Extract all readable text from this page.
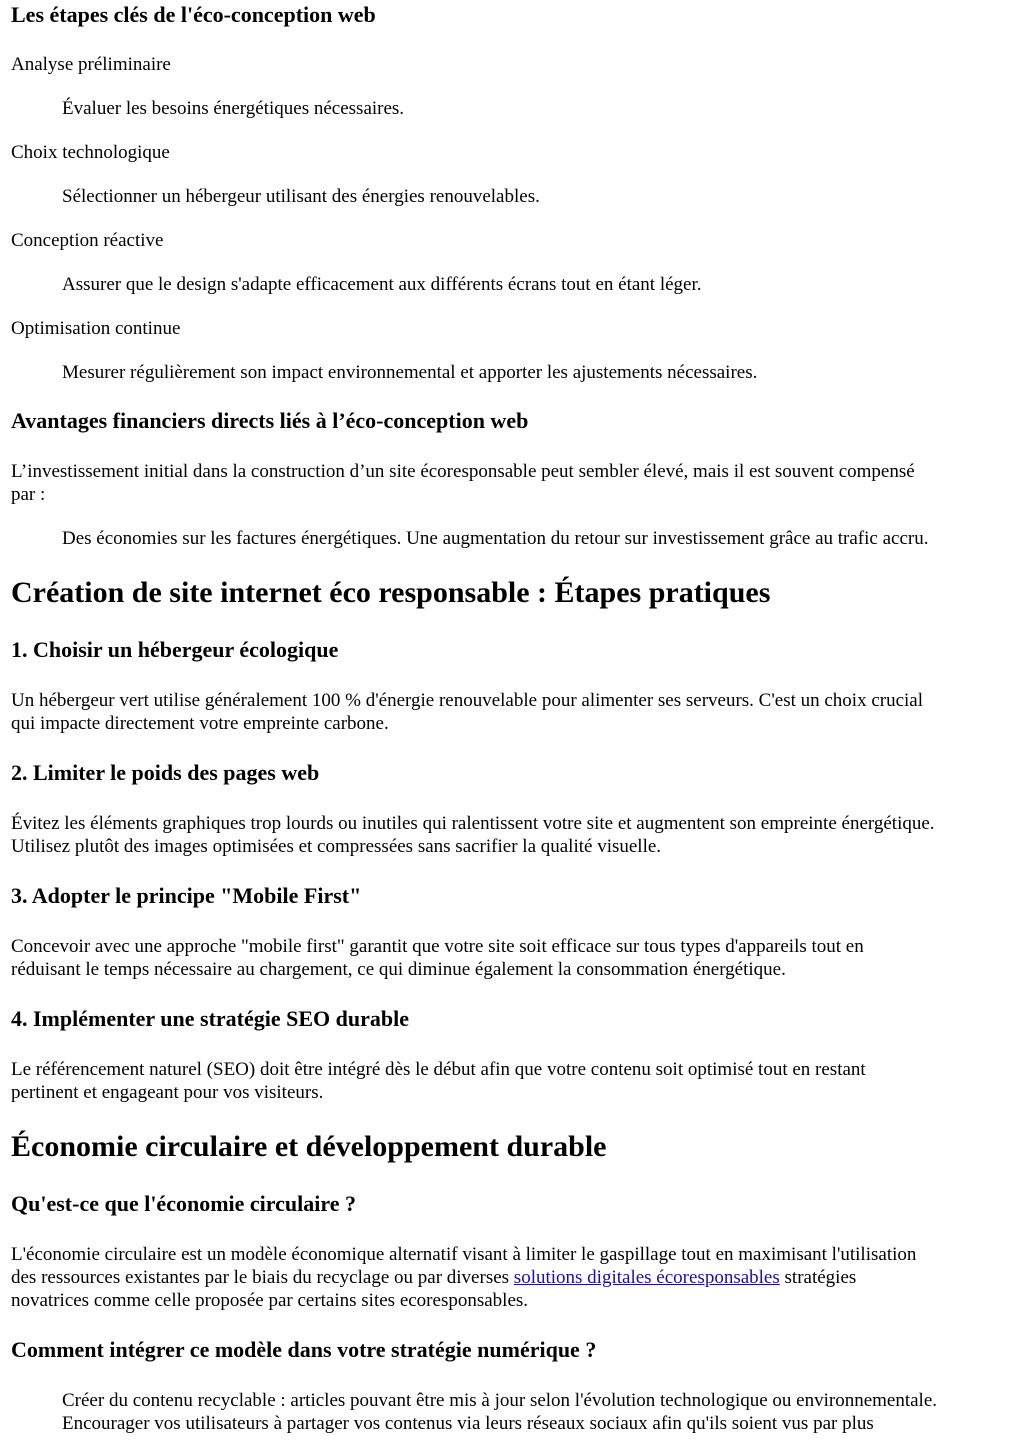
Les étapes clés de l'éco-conception web
Analyse préliminaire
Évaluer les besoins énergétiques nécessaires.
Choix technologique
Sélectionner un hébergeur utilisant des énergies renouvelables.
Conception réactive
Assurer que le design s'adapte efficacement aux différents écrans tout en étant léger.
Optimisation continue
Mesurer régulièrement son impact environnemental et apporter les ajustements nécessaires.
Avantages financiers directs liés à l’éco-conception web
L’investissement initial dans la construction d’un site écoresponsable peut sembler élevé, mais il est souvent compensé
par :
Des économies sur les factures énergétiques. Une augmentation du retour sur investissement grâce au trafic accru.
Création de site internet éco responsable : Étapes pratiques
1. Choisir un hébergeur écologique
Un hébergeur vert utilise généralement 100 % d'énergie renouvelable pour alimenter ses serveurs. C'est un choix crucial
qui impacte directement votre empreinte carbone.
2. Limiter le poids des pages web
Évitez les éléments graphiques trop lourds ou inutiles qui ralentissent votre site et augmentent son empreinte énergétique.
Utilisez plutôt des images optimisées et compressées sans sacrifier la qualité visuelle.
3. Adopter le principe "Mobile First"
Concevoir avec une approche "mobile first" garantit que votre site soit efficace sur tous types d'appareils tout en
réduisant le temps nécessaire au chargement, ce qui diminue également la consommation énergétique.
4. Implémenter une stratégie SEO durable
Le référencement naturel (SEO) doit être intégré dès le début afin que votre contenu soit optimisé tout en restant
pertinent et engageant pour vos visiteurs.
Économie circulaire et développement durable
Qu'est-ce que l'économie circulaire ?
L'économie circulaire est un modèle économique alternatif visant à limiter le gaspillage tout en maximisant l'utilisation
des ressources existantes par le biais du recyclage ou par diverses solutions digitales écoresponsables stratégies
novatrices comme celle proposée par certains sites ecoresponsables.
Comment intégrer ce modèle dans votre stratégie numérique ?
Créer du contenu recyclable : articles pouvant être mis à jour selon l'évolution technologique ou environnementale.
Encourager vos utilisateurs à partager vos contenus via leurs réseaux sociaux afin qu'ils soient vus par plus
